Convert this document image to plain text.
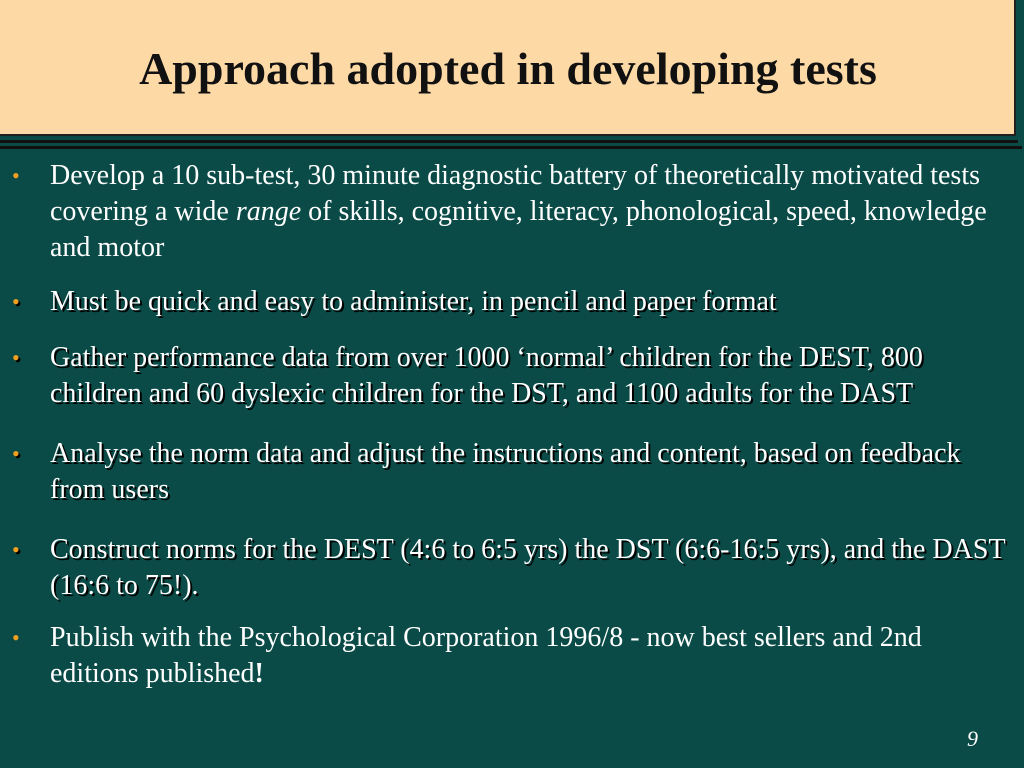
Approach adopted in developing tests
• Develop a 10 sub-test, 30 minute diagnostic battery of theoretically motivated tests covering a wide range of skills, cognitive, literacy, phonological, speed, knowledge and motor
• Must be quick and easy to administer, in pencil and paper format
• Gather performance data from over 1000 ‘normal’ children for the DEST, 800 children and 60 dyslexic children for the DST, and 1100 adults for the DAST
• Analyse the norm data and adjust the instructions and content, based on feedback from users
• Construct norms for the DEST (4:6 to 6:5 yrs) the DST (6:6-16:5 yrs), and the DAST (16:6 to 75!).
• Publish with the Psychological Corporation 1996/8 - now best sellers and 2nd editions published!

9
